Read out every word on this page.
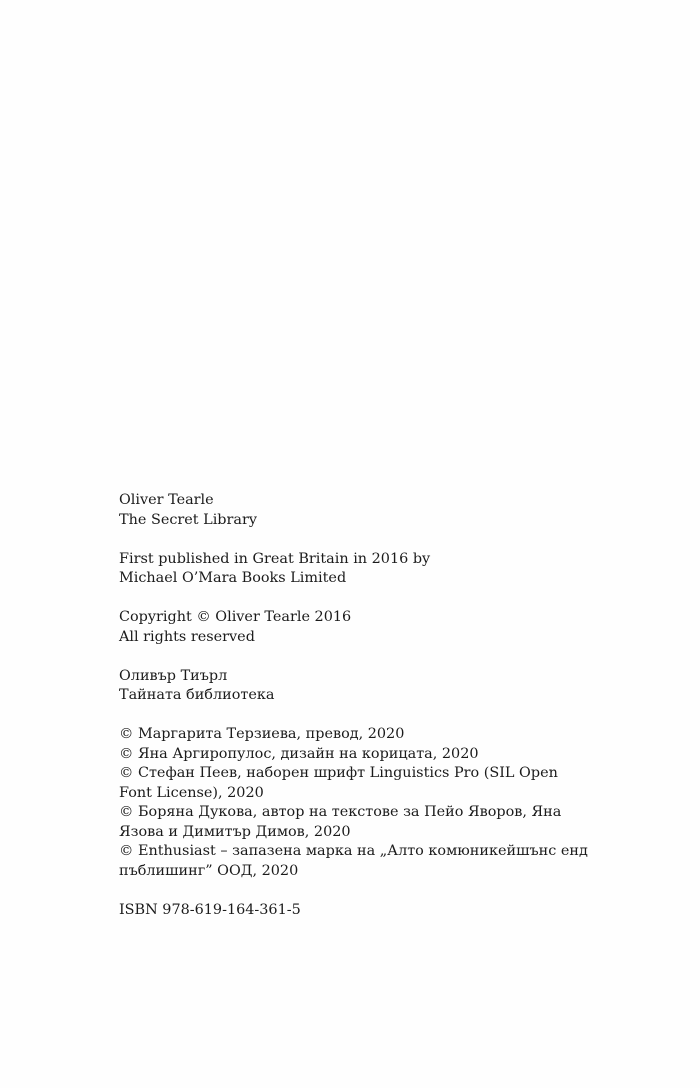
Oliver Tearle
The Secret Library
First published in Great Britain in 2016 by
Michael O’Mara Books Limited
Copyright © Oliver Tearle 2016
All rights reserved
Оливър Тиърл
Тайната библиотека
© Маргарита Терзиева, превод, 2020
© Яна Аргиропулос, дизайн на корицата, 2020
© Стефан Пеев, наборен шрифт Linguistics Pro (SIL Open
Font License), 2020
© Боряна Дукова, автор на текстове за Пейо Яворов, Яна
Язова и Димитър Димов, 2020
© Enthusiast – запазена марка на „Алто комюникейшънс енд
пъблишинг” ООД, 2020
ISBN 978-619-164-361-5
